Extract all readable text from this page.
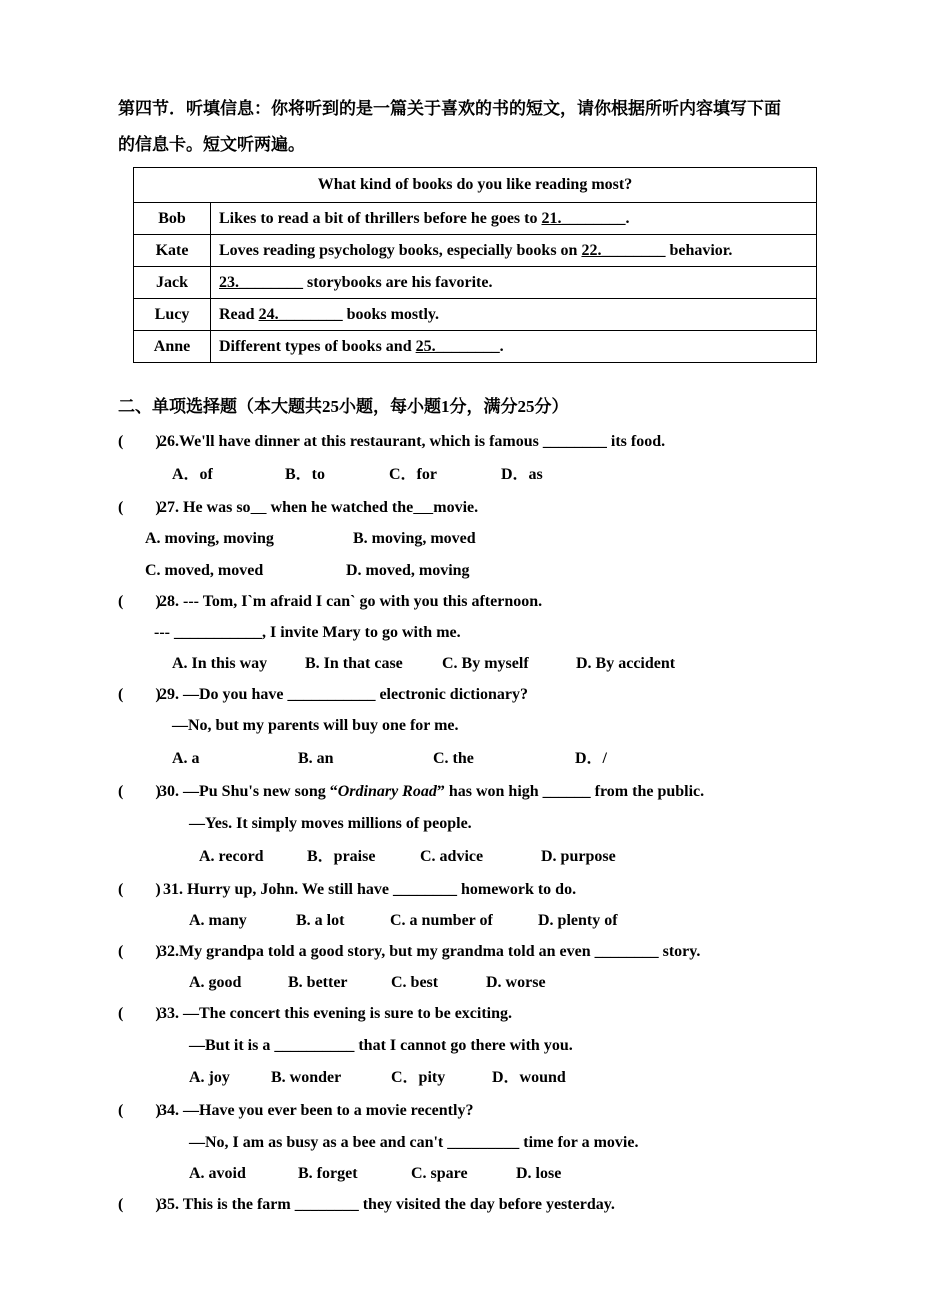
第四节．听填信息：你将听到的是一篇关于喜欢的书的短文，请你根据所听内容填写下面
的信息卡。短文听两遍。
What kind of books do you like reading most?	
Bob	Likes to read a bit of thrillers before he goes to 21.________.
Kate	Loves reading psychology books, especially books on 22.________ behavior.
Jack	23.________ storybooks are his favorite.
Lucy	Read 24.________ books mostly.
Anne	Different types of books and 25.________.
二、单项选择题（本大题共25小题，每小题1分，满分25分）
(        )
26.We'll have dinner at this restaurant, which is famous ________ its food.
A．of	B．to	C．for	D．as
(        )
27. He was so     when he watched the movie.
A. moving, moving	B. moving, moved
C. moved, moved	D. moved, moving
(        )
28. --- Tom, I`m afraid I can` go with you this afternoon.
--- ___________, I invite Mary to go with me.
A. In this way B. In that case C. By myself	D. By accident
(        )
29. —Do you have ___________ electronic dictionary?
—No, but my parents will buy one for me.
A. a	B. an	C. the	D．/
(        )
30. —Pu Shu's new song “Ordinary Road” has won high ______ from the public.
—Yes. It simply moves millions of people.
A. record	B．praise	C. advice	D. purpose
(        )
31. Hurry up, John. We still have ________ homework to do.
A. many	B. a lot	C. a number of	D. plenty of
(        )
32.My grandpa told a good story, but my grandma told an even ________ story.
A. good	B. better	C. best	D. worse
(        )
33. —The concert this evening is sure to be exciting.
—But it is a __________ that I cannot go there with you.
A. joy	B. wonder	C．pity	D．wound
(        )
34. —Have you ever been to a movie recently?
—No, I am as busy as a bee and can't _________ time for a movie.
A. avoid	B. forget	C. spare	D. lose
(        )
35. This is the farm ________ they visited the day before yesterday.
